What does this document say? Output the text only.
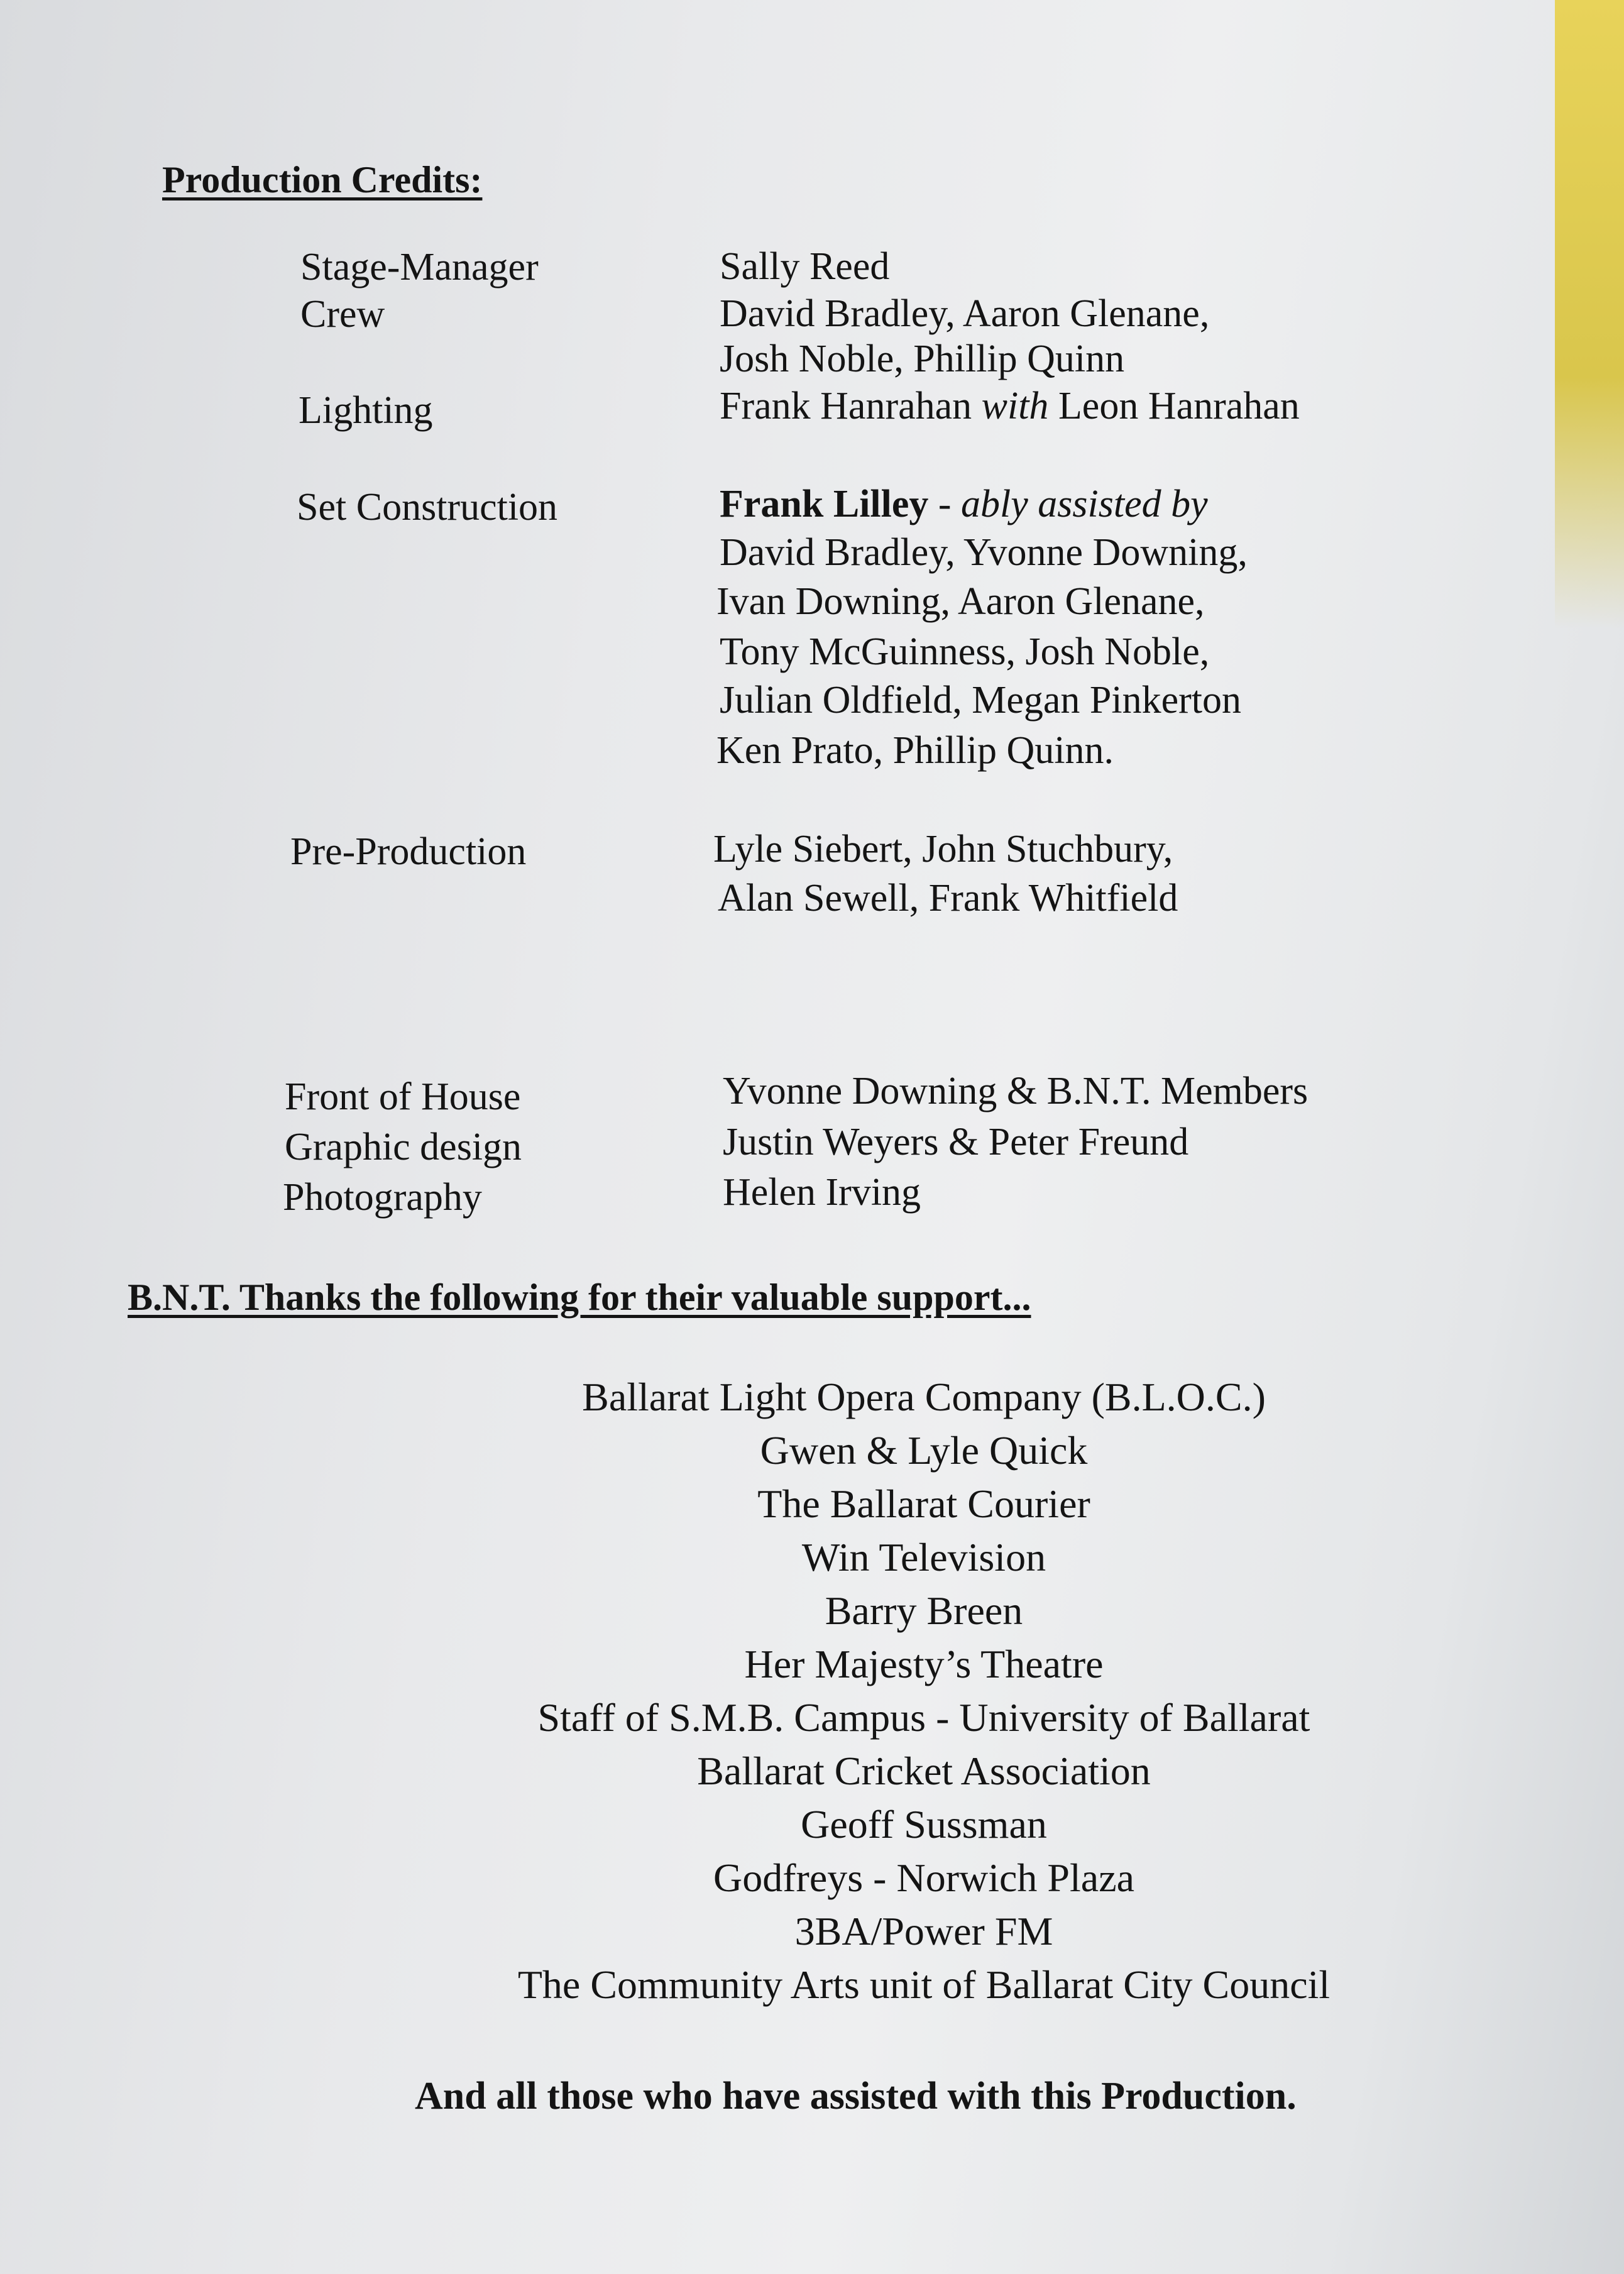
Production Credits:
Stage-Manager	Sally Reed
Crew	David Bradley, Aaron Glenane,
Josh Noble, Phillip Quinn
Lighting	Frank Hanrahan with Leon Hanrahan
Set Construction	Frank Lilley - ably assisted by
David Bradley, Yvonne Downing,
Ivan Downing, Aaron Glenane,
Tony McGuinness, Josh Noble,
Julian Oldfield, Megan Pinkerton
Ken Prato, Phillip Quinn.
Pre-Production	Lyle Siebert, John Stuchbury,
Alan Sewell, Frank Whitfield
Front of House	Yvonne Downing & B.N.T. Members
Graphic design	Justin Weyers & Peter Freund
Photography	Helen Irving
B.N.T. Thanks the following for their valuable support...
Ballarat Light Opera Company (B.L.O.C.)
Gwen & Lyle Quick
The Ballarat Courier
Win Television
Barry Breen
Her Majesty’s Theatre
Staff of S.M.B. Campus - University of Ballarat
Ballarat Cricket Association
Geoff Sussman
Godfreys - Norwich Plaza
3BA/Power FM
The Community Arts unit of Ballarat City Council
And all those who have assisted with this Production.
